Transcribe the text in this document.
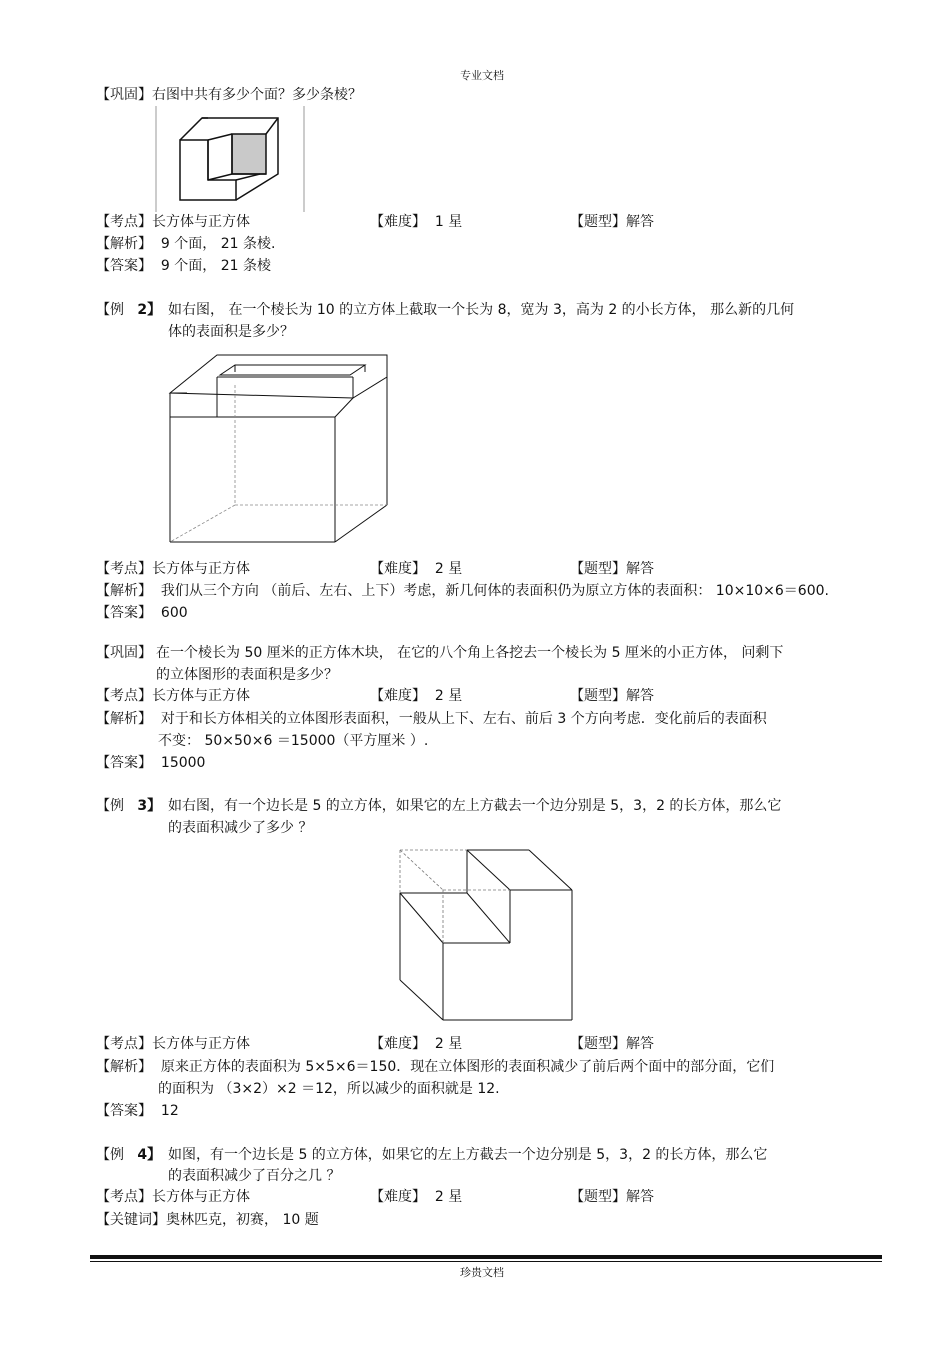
专业文档
【巩固】右图中共有多少个面？多少条棱？
【考点】长方体与正方体	【难度】 1 星	【题型】解答
【解析】 9 个面， 21 条棱.
【答案】 9 个面， 21 条棱
【例 2】 如右图， 在一个棱长为 10 的立方体上截取一个长为 8，宽为 3，高为 2 的小长方体， 那么新的几何
体的表面积是多少？
【考点】长方体与正方体	【难度】 2 星	【题型】解答
【解析】 我们从三个方向 （前后、左右、上下）考虑，新几何体的表面积仍为原立方体的表面积： 10×10×6＝600.
【答案】 600
【巩固】 在一个棱长为 50 厘米的正方体木块， 在它的八个角上各挖去一个棱长为 5 厘米的小正方体， 问剩下
的立体图形的表面积是多少？
【考点】长方体与正方体	【难度】 2 星	【题型】解答
【解析】 对于和长方体相关的立体图形表面积，一般从上下、左右、前后 3 个方向考虑．变化前后的表面积
不变： 50×50×6 ＝15000（平方厘米 ）.
【答案】 15000
【例 3】 如右图，有一个边长是 5 的立方体，如果它的左上方截去一个边分别是 5，3，2 的长方体，那么它
的表面积减少了多少 ？
【考点】长方体与正方体	【难度】 2 星	【题型】解答
【解析】 原来正方体的表面积为 5×5×6＝150．现在立体图形的表面积减少了前后两个面中的部分面，它们
的面积为 （3×2）×2 ＝12，所以减少的面积就是 12.
【答案】 12
【例 4】 如图，有一个边长是 5 的立方体，如果它的左上方截去一个边分别是 5，3，2 的长方体，那么它
的表面积减少了百分之几 ？
【考点】长方体与正方体	【难度】 2 星	【题型】解答
【关键词】奥林匹克，初赛， 10 题
珍贵文档
